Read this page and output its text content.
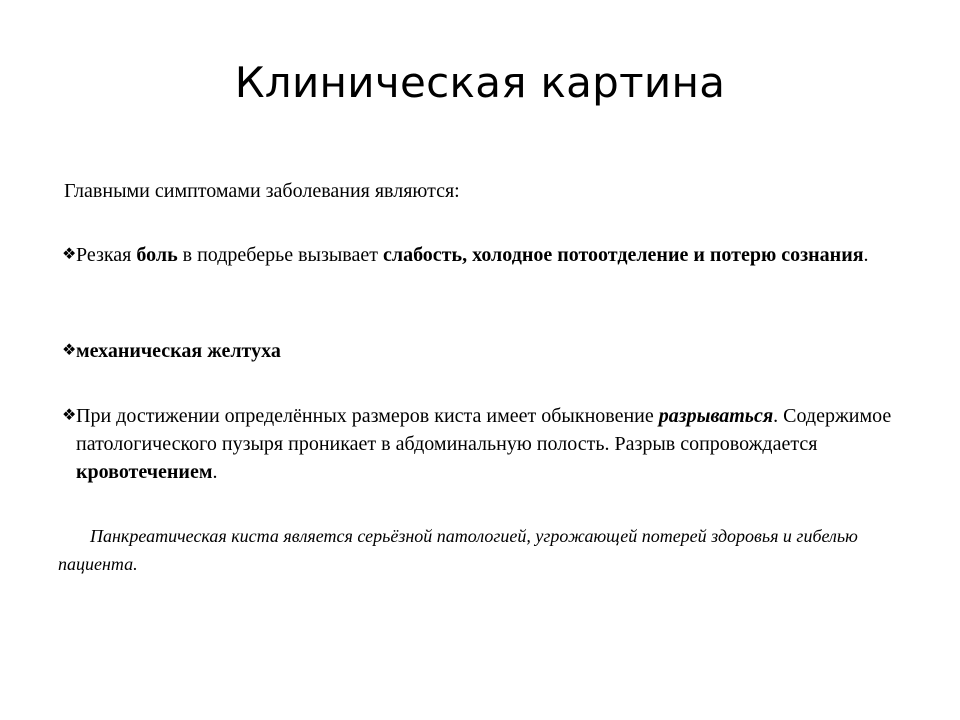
Клиническая картина
Главными симптомами заболевания являются:
❖ Резкая боль в подреберье вызывает слабость, холодное потоотделение и потерю сознания.
❖ механическая желтуха
❖ При достижении определённых размеров киста имеет обыкновение разрываться. Содержимое патологического пузыря проникает в абдоминальную полость. Разрыв сопровождается кровотечением.
Панкреатическая киста является серьёзной патологией, угрожающей потерей здоровья и гибелью пациента.
